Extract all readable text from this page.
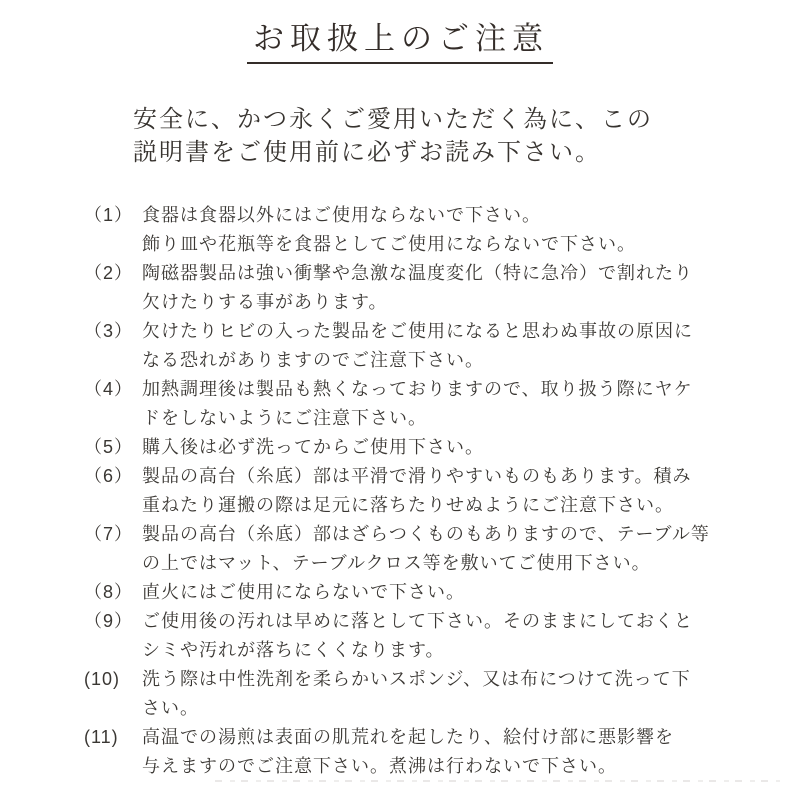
お取扱上のご注意

安全に、かつ永くご愛用いただく為に、この
説明書をご使用前に必ずお読み下さい。

（1） 食器は食器以外にはご使用ならないで下さい。
飾り皿や花瓶等を食器としてご使用にならないで下さい。
（2） 陶磁器製品は強い衝撃や急激な温度変化（特に急冷）で割れたり
欠けたりする事があります。
（3） 欠けたりヒビの入った製品をご使用になると思わぬ事故の原因に
なる恐れがありますのでご注意下さい。
（4） 加熱調理後は製品も熱くなっておりますので、取り扱う際にヤケ
ドをしないようにご注意下さい。
（5） 購入後は必ず洗ってからご使用下さい。
（6） 製品の高台（糸底）部は平滑で滑りやすいものもあります。積み
重ねたり運搬の際は足元に落ちたりせぬようにご注意下さい。
（7） 製品の高台（糸底）部はざらつくものもありますので、テーブル等
の上ではマット、テーブルクロス等を敷いてご使用下さい。
（8） 直火にはご使用にならないで下さい。
（9） ご使用後の汚れは早めに落として下さい。そのままにしておくと
シミや汚れが落ちにくくなります。
(10)	洗う際は中性洗剤を柔らかいスポンジ、又は布につけて洗って下
さい。
(11)	高温での湯煎は表面の肌荒れを起したり、絵付け部に悪影響を
与えますのでご注意下さい。煮沸は行わないで下さい。
